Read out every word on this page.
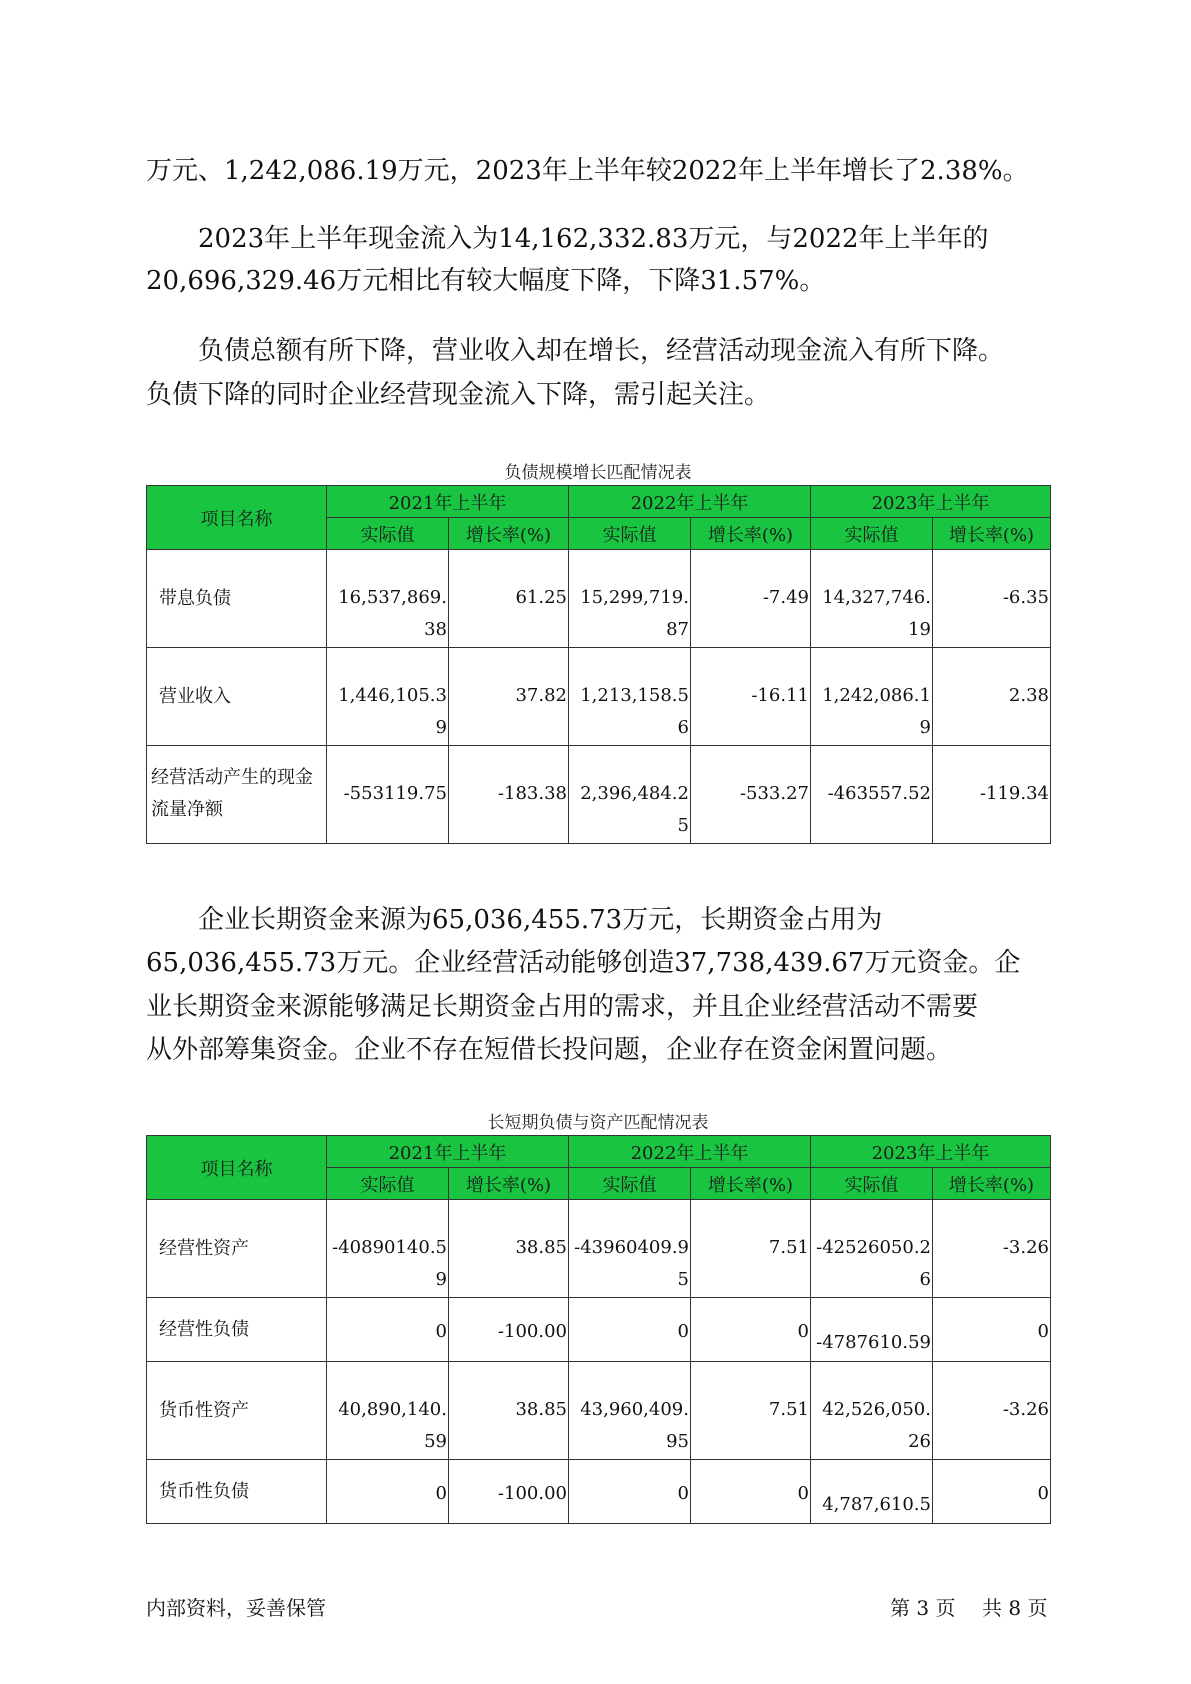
万元、1,242,086.19万元，2023年上半年较2022年上半年增长了2.38%。

2023年上半年现金流入为14,162,332.83万元，与2022年上半年的

20,696,329.46万元相比有较大幅度下降，下降31.57%。

负债总额有所下降，营业收入却在增长，经营活动现金流入有所下降。

负债下降的同时企业经营现金流入下降，需引起关注。

负债规模增长匹配情况表
项目名称	2021年上半年		2022年上半年		2023年上半年	
	实际值	增长率(%)	实际值	增长率(%)	实际值	增长率(%)
带息负债	16,537,869.38	61.25	15,299,719.87	-7.49	14,327,746.19	-6.35
营业收入	1,446,105.39	37.82	1,213,158.56	-16.11	1,242,086.19	2.38
经营活动产生的现金流量净额	-553119.75	-183.38	2,396,484.25	-533.27	-463557.52	-119.34

企业长期资金来源为65,036,455.73万元，长期资金占用为

65,036,455.73万元。企业经营活动能够创造37,738,439.67万元资金。企

业长期资金来源能够满足长期资金占用的需求，并且企业经营活动不需要

从外部筹集资金。企业不存在短借长投问题，企业存在资金闲置问题。

长短期负债与资产匹配情况表
项目名称	2021年上半年		2022年上半年		2023年上半年	
	实际值	增长率(%)	实际值	增长率(%)	实际值	增长率(%)
经营性资产	-40890140.59	38.85	-43960409.95	7.51	-42526050.26	-3.26
经营性负债	0	-100.00	0	0	-4787610.59	0
货币性资产	40,890,140.59	38.85	43,960,409.95	7.51	42,526,050.26	-3.26
货币性负债	0	-100.00	0	0	4,787,610.5	0
内部资料，妥善保管	第 3 页 共 8 页
